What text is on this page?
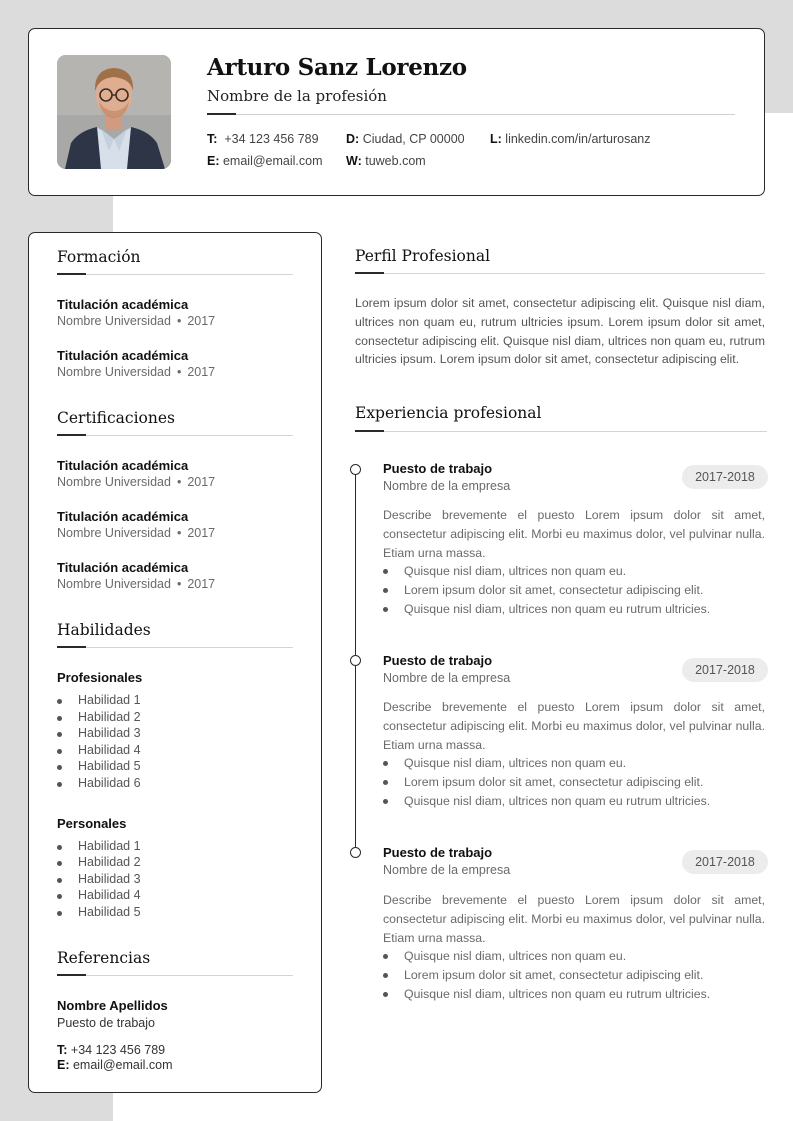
Arturo Sanz Lorenzo
Nombre de la profesión
T: +34 123 456 789
E: email@email.com
D: Ciudad, CP 00000
W: tuweb.com
L: linkedin.com/in/arturosanz
Formación
Titulación académica
Nombre Universidad • 2017
Titulación académica
Nombre Universidad • 2017
Certificaciones
Titulación académica
Nombre Universidad • 2017
Titulación académica
Nombre Universidad • 2017
Titulación académica
Nombre Universidad • 2017
Habilidades
Profesionales
Habilidad 1
Habilidad 2
Habilidad 3
Habilidad 4
Habilidad 5
Habilidad 6
Personales
Habilidad 1
Habilidad 2
Habilidad 3
Habilidad 4
Habilidad 5
Referencias
Nombre Apellidos
Puesto de trabajo
T: +34 123 456 789
E: email@email.com
Perfil Profesional
Lorem ipsum dolor sit amet, consectetur adipiscing elit. Quisque nisl diam, ultrices non quam eu, rutrum ultricies ipsum. Lorem ipsum dolor sit amet, consectetur adipiscing elit. Quisque nisl diam, ultrices non quam eu, rutrum ultricies ipsum. Lorem ipsum dolor sit amet, consectetur adipiscing elit.
Experiencia profesional
Puesto de trabajo
Nombre de la empresa
2017-2018
Describe brevemente el puesto Lorem ipsum dolor sit amet, consectetur adipiscing elit. Morbi eu maximus dolor, vel pulvinar nulla. Etiam urna massa.
Quisque nisl diam, ultrices non quam eu.
Lorem ipsum dolor sit amet, consectetur adipiscing elit.
Quisque nisl diam, ultrices non quam eu rutrum ultricies.
Puesto de trabajo
Nombre de la empresa
2017-2018
Describe brevemente el puesto Lorem ipsum dolor sit amet, consectetur adipiscing elit. Morbi eu maximus dolor, vel pulvinar nulla. Etiam urna massa.
Quisque nisl diam, ultrices non quam eu.
Lorem ipsum dolor sit amet, consectetur adipiscing elit.
Quisque nisl diam, ultrices non quam eu rutrum ultricies.
Puesto de trabajo
Nombre de la empresa
2017-2018
Describe brevemente el puesto Lorem ipsum dolor sit amet, consectetur adipiscing elit. Morbi eu maximus dolor, vel pulvinar nulla. Etiam urna massa.
Quisque nisl diam, ultrices non quam eu.
Lorem ipsum dolor sit amet, consectetur adipiscing elit.
Quisque nisl diam, ultrices non quam eu rutrum ultricies.
